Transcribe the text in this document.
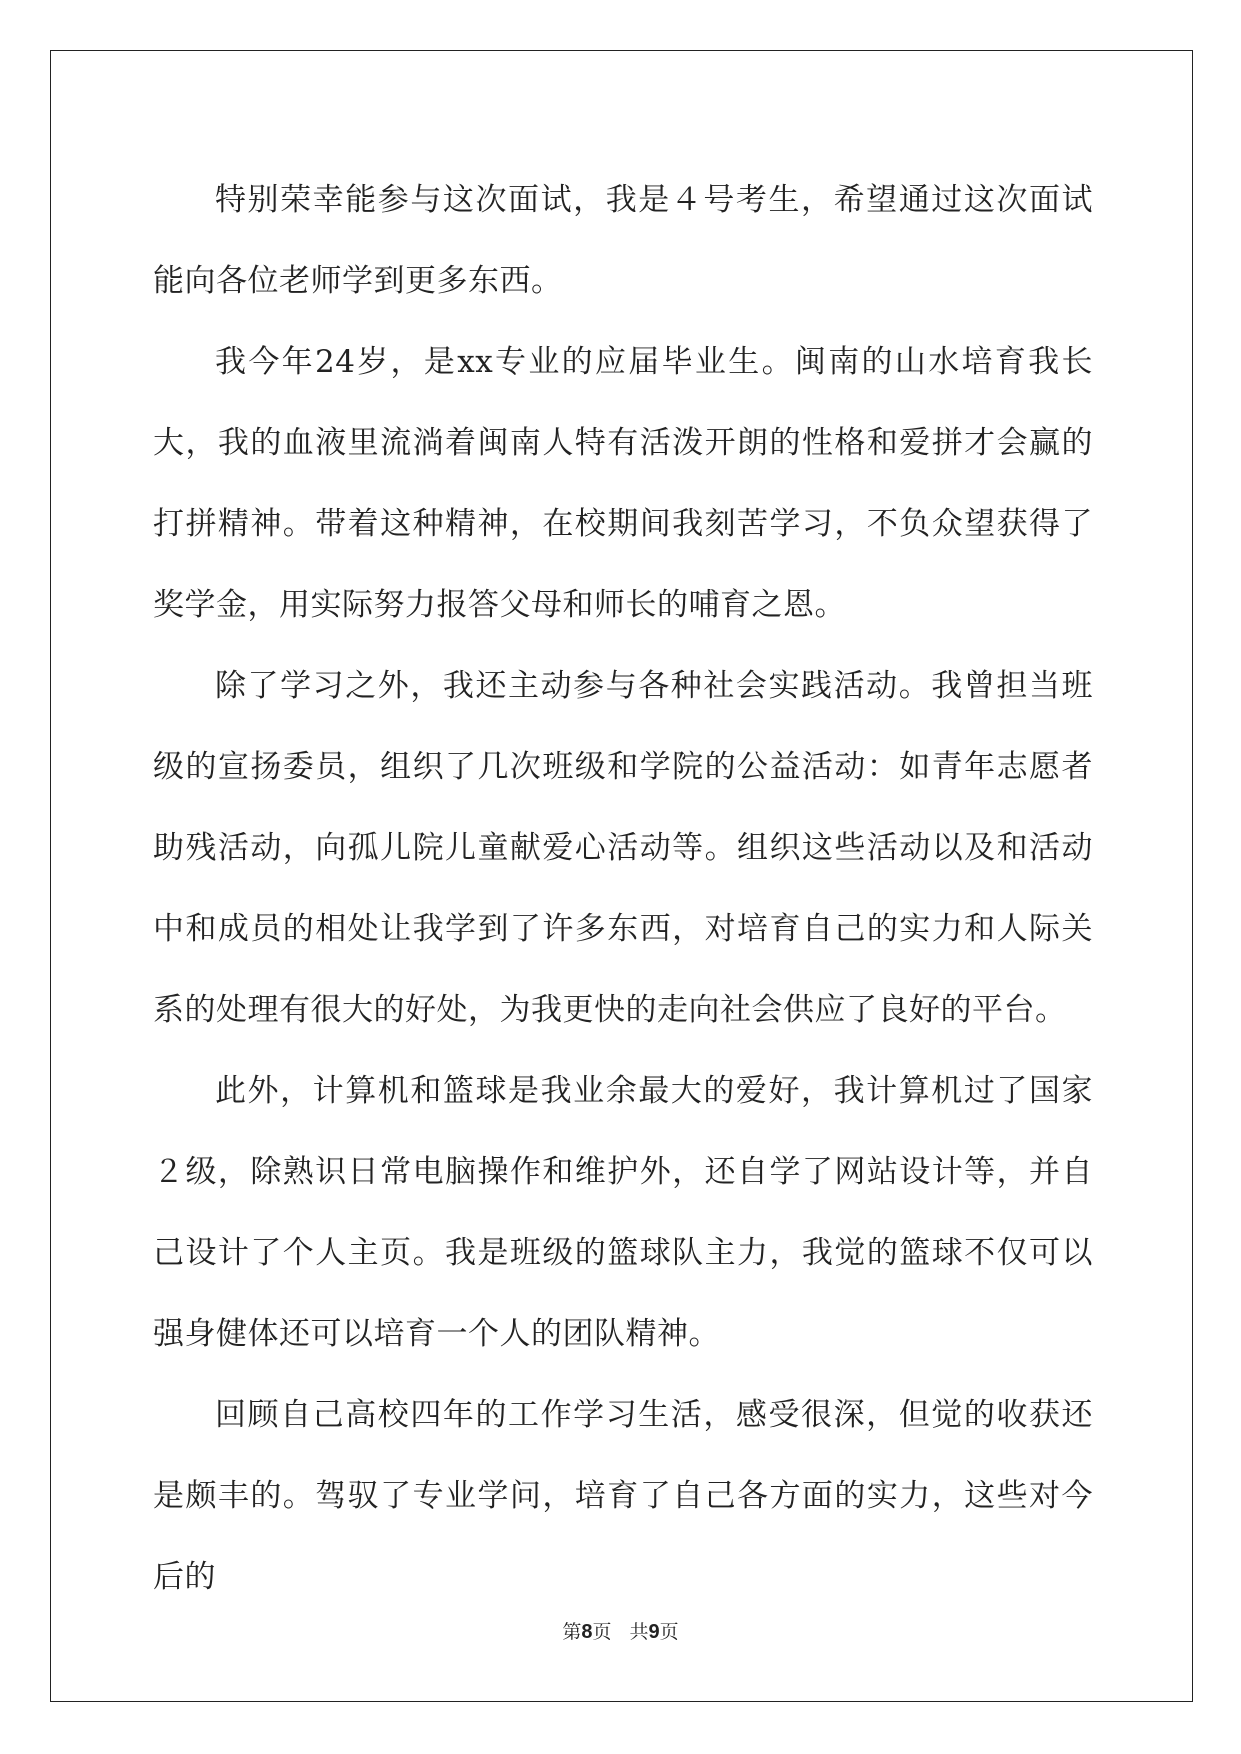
特别荣幸能参与这次面试，我是４号考生，希望通过这次面试能向各位老师学到更多东西。

我今年24岁，是xx专业的应届毕业生。闽南的山水培育我长大，我的血液里流淌着闽南人特有活泼开朗的性格和爱拼才会赢的打拼精神。带着这种精神，在校期间我刻苦学习，不负众望获得了奖学金，用实际努力报答父母和师长的哺育之恩。

除了学习之外，我还主动参与各种社会实践活动。我曾担当班级的宣扬委员，组织了几次班级和学院的公益活动：如青年志愿者助残活动，向孤儿院儿童献爱心活动等。组织这些活动以及和活动中和成员的相处让我学到了许多东西，对培育自己的实力和人际关系的处理有很大的好处，为我更快的走向社会供应了良好的平台。

此外，计算机和篮球是我业余最大的爱好，我计算机过了国家２级，除熟识日常电脑操作和维护外，还自学了网站设计等，并自己设计了个人主页。我是班级的篮球队主力，我觉的篮球不仅可以强身健体还可以培育一个人的团队精神。

回顾自己高校四年的工作学习生活，感受很深，但觉的收获还是颇丰的。驾驭了专业学问，培育了自己各方面的实力，这些对今后的

第8页 共9页
